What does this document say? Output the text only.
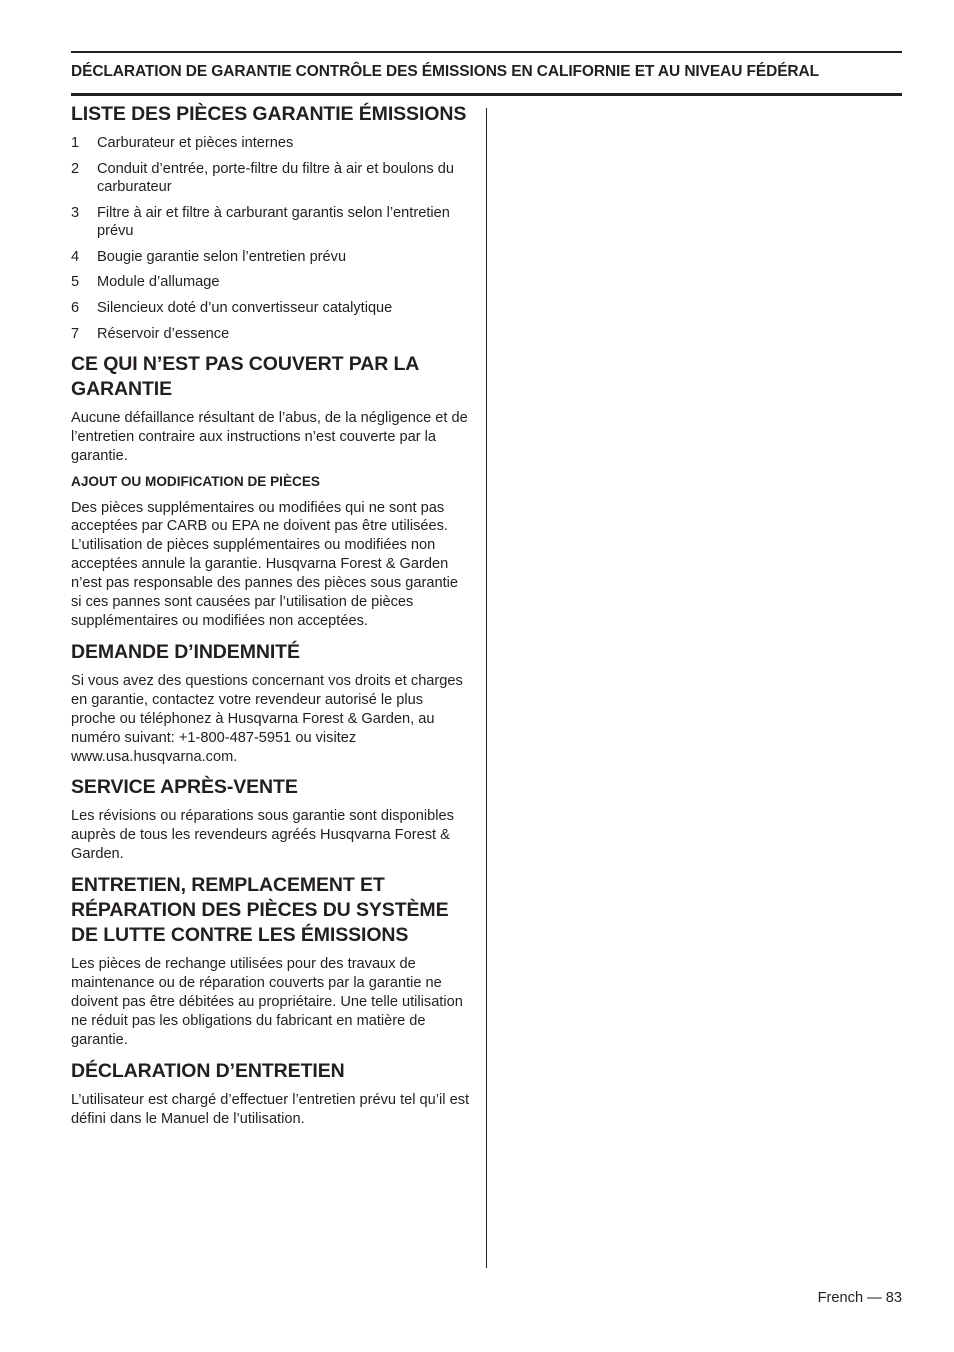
DÉCLARATION DE GARANTIE CONTRÔLE DES ÉMISSIONS EN CALIFORNIE ET AU NIVEAU FÉDÉRAL
LISTE DES PIÈCES GARANTIE ÉMISSIONS
1	Carburateur et pièces internes
2	Conduit d’entrée, porte-filtre du filtre à air et boulons du carburateur
3	Filtre à air et filtre à carburant garantis selon l’entretien prévu
4	Bougie garantie selon l’entretien prévu
5	Module d’allumage
6	Silencieux doté d’un convertisseur catalytique
7	Réservoir d’essence
CE QUI N’EST PAS COUVERT PAR LA GARANTIE

Aucune défaillance résultant de l’abus, de la négligence et de l’entretien contraire aux instructions n’est couverte par la garantie.

AJOUT OU MODIFICATION DE PIÈCES

Des pièces supplémentaires ou modifiées qui ne sont pas acceptées par CARB ou EPA ne doivent pas être utilisées. L’utilisation de pièces supplémentaires ou modifiées non acceptées annule la garantie. Husqvarna Forest & Garden n’est pas responsable des pannes des pièces sous garantie si ces pannes sont causées par l’utilisation de pièces supplémentaires ou modifiées non acceptées.

DEMANDE D’INDEMNITÉ

Si vous avez des questions concernant vos droits et charges en garantie, contactez votre revendeur autorisé le plus proche ou téléphonez à Husqvarna Forest & Garden, au numéro suivant: +1-800-487-5951 ou visitez www.usa.husqvarna.com.

SERVICE APRÈS-VENTE

Les révisions ou réparations sous garantie sont disponibles auprès de tous les revendeurs agréés Husqvarna Forest & Garden.

ENTRETIEN, REMPLACEMENT ET RÉPARATION DES PIÈCES DU SYSTÈME DE LUTTE CONTRE LES ÉMISSIONS

Les pièces de rechange utilisées pour des travaux de maintenance ou de réparation couverts par la garantie ne doivent pas être débitées au propriétaire. Une telle utilisation ne réduit pas les obligations du fabricant en matière de garantie.

DÉCLARATION D’ENTRETIEN

L’utilisateur est chargé d’effectuer l’entretien prévu tel qu’il est défini dans le Manuel de l’utilisation.

French — 83
